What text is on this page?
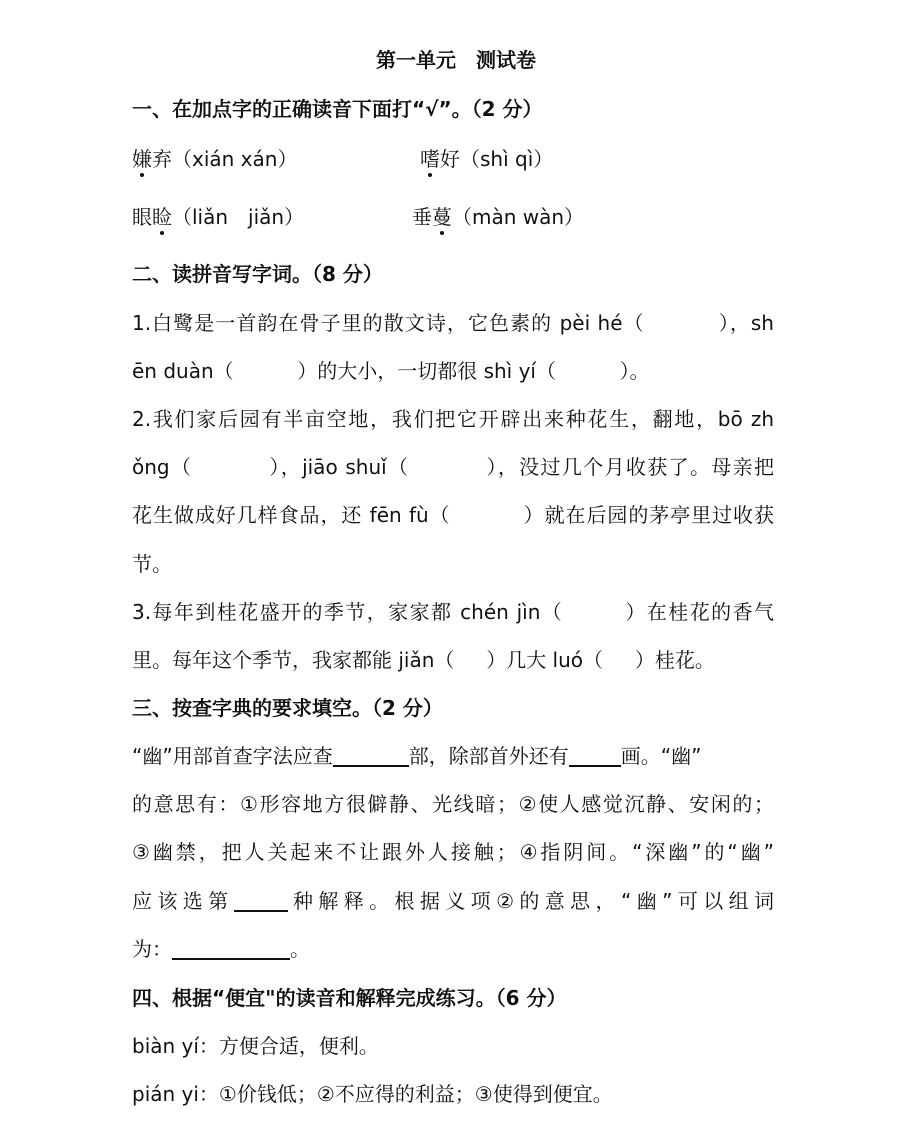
第一单元　测试卷
一、在加点字的正确读音下面打“√”。（2 分）
嫌弃（xián xán）	嗜好（shì qì）
眼睑（liǎn　jiǎn）	垂蔓（màn wàn）
二、读拼音写字词。（8 分）
1.白鹭是一首韵在骨子里的散文诗，它色素的 pèi hé（	），sh
ēn duàn（	）的大小，一切都很 shì yí（	）。
2.我们家后园有半亩空地，我们把它开辟出来种花生，翻地，bō zh
ǒng（	），jiāo shuǐ（	），没过几个月收获了。母亲把
花生做成好几样食品，还 fēn fù（	）就在后园的茅亭里过收获
节。
3.每年到桂花盛开的季节，家家都 chén jìn（	）在桂花的香气
里。每年这个季节，我家都能 jiǎn（ ）几大 luó（ ）桂花。
三、按查字典的要求填空。（2 分）
“幽”用部首查字法应查	部，除部首外还有	画。“幽”
的意思有：①形容地方很僻静、光线暗；②使人感觉沉静、安闲的；
③幽禁，把人关起来不让跟外人接触；④指阴间。“深幽”的“幽”
应该选第	种解释。根据义项②的意思，“幽”可以组词
为：	。
四、根据“便宜"的读音和解释完成练习。（6 分）
biàn yí：方便合适，便利。
pián yi：①价钱低；②不应得的利益；③使得到便宜。
